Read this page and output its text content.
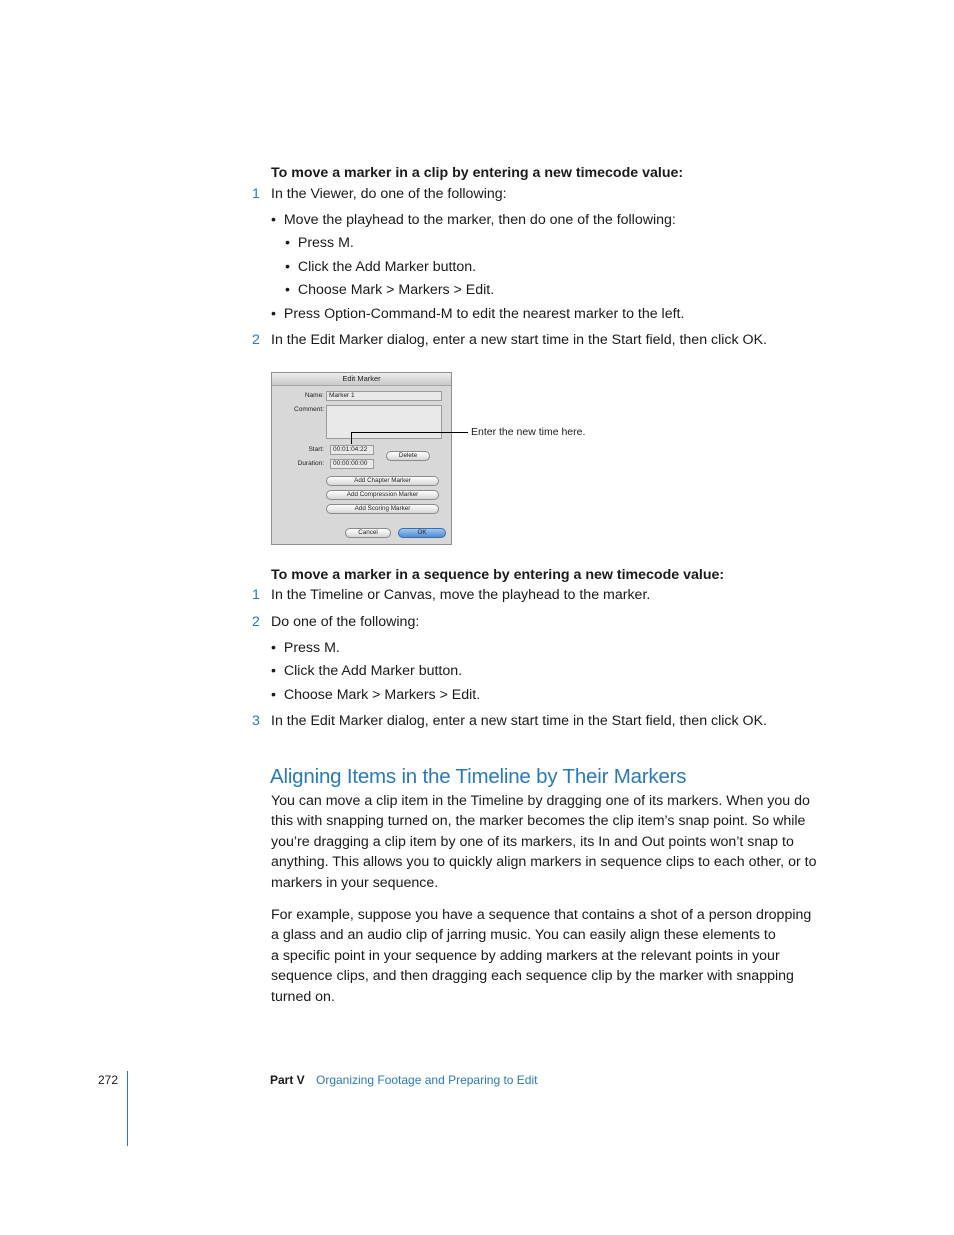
To move a marker in a clip by entering a new timecode value:
1 In the Viewer, do one of the following:
•  Move the playhead to the marker, then do one of the following:
•  Press M.
•  Click the Add Marker button.
•  Choose Mark > Markers > Edit.
•  Press Option-Command-M to edit the nearest marker to the left.
2 In the Edit Marker dialog, enter a new start time in the Start field, then click OK.
Edit Marker
Name: Marker 1
Comment:
Start:	00:01:04:22
Duration:	00:00:00:00
Delete
Add Chapter Marker
Add Compression Marker
Add Scoring Marker
Cancel	OK
Enter the new time here.
To move a marker in a sequence by entering a new timecode value:
1 In the Timeline or Canvas, move the playhead to the marker.
2 Do one of the following:
•  Press M.
•  Click the Add Marker button.
•  Choose Mark > Markers > Edit.
3 In the Edit Marker dialog, enter a new start time in the Start field, then click OK.
Aligning Items in the Timeline by Their Markers
You can move a clip item in the Timeline by dragging one of its markers. When you do
this with snapping turned on, the marker becomes the clip item’s snap point. So while
you’re dragging a clip item by one of its markers, its In and Out points won’t snap to
anything. This allows you to quickly align markers in sequence clips to each other, or to
markers in your sequence.
For example, suppose you have a sequence that contains a shot of a person dropping
a glass and an audio clip of jarring music. You can easily align these elements to
a specific point in your sequence by adding markers at the relevant points in your
sequence clips, and then dragging each sequence clip by the marker with snapping
turned on.
272	Part V Organizing Footage and Preparing to Edit
